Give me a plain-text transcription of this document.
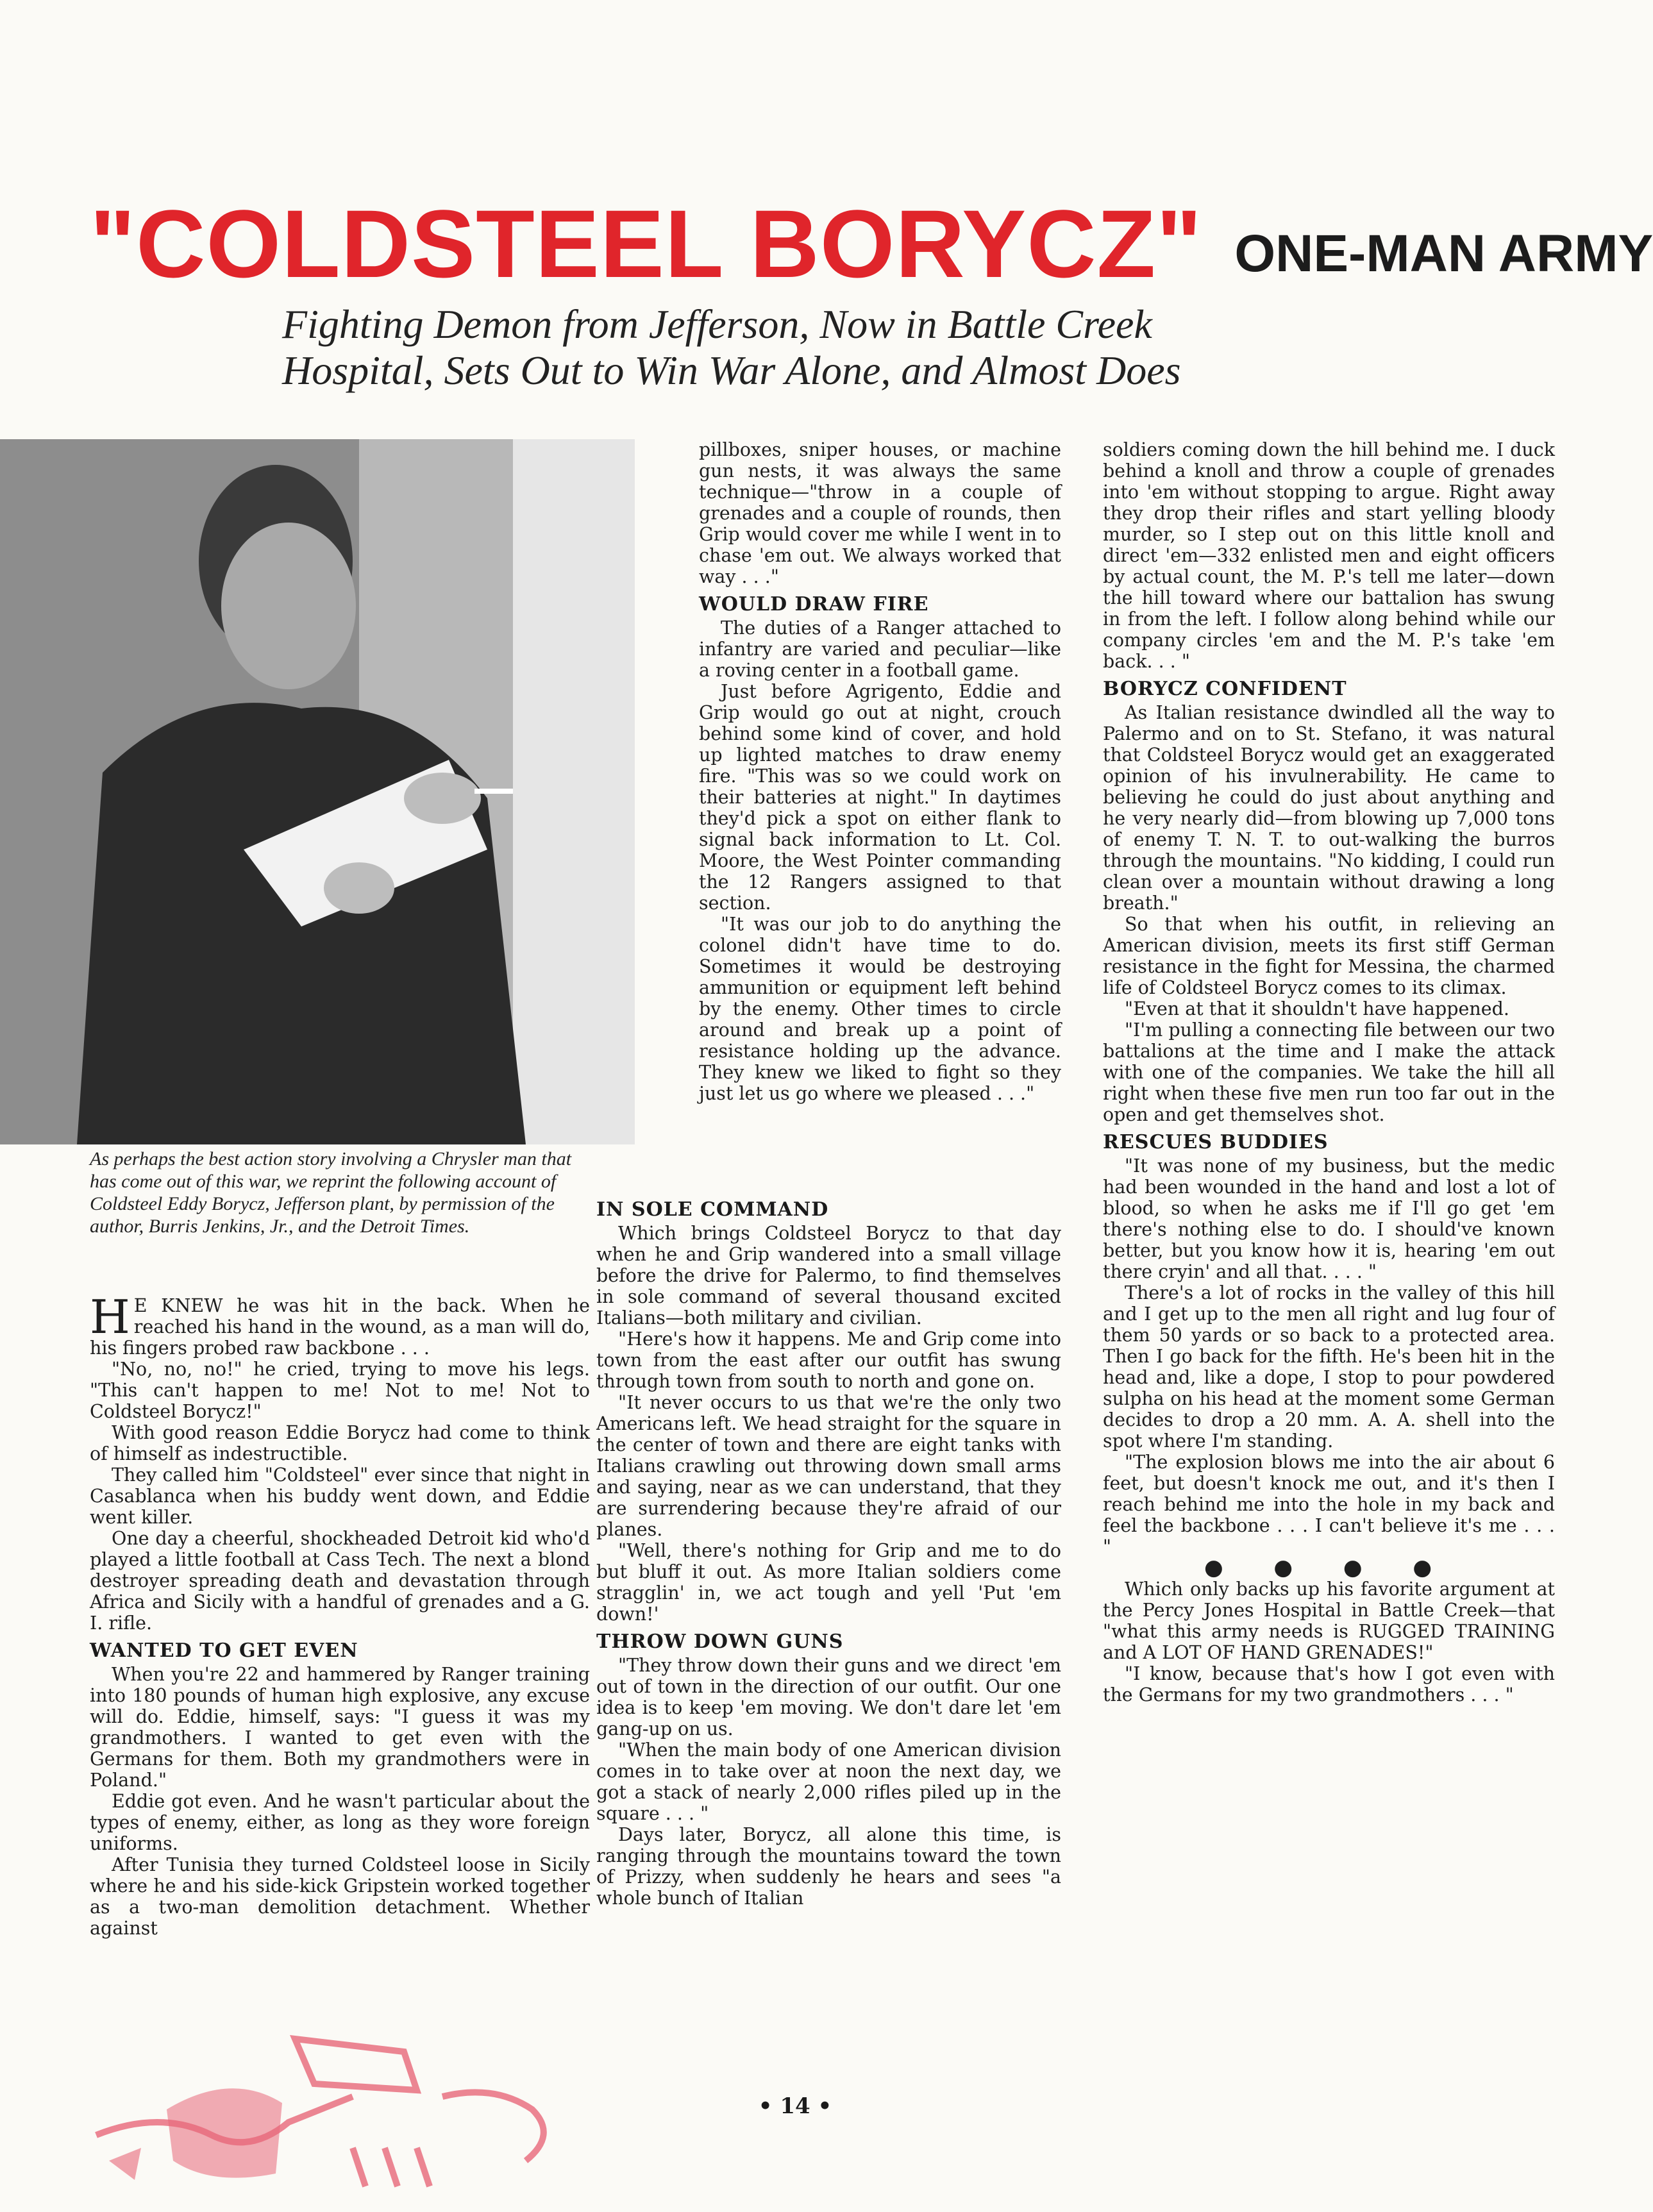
"COLDSTEEL BORYCZ" ONE-MAN ARMY
Fighting Demon from Jefferson, Now in Battle Creek
Hospital, Sets Out to Win War Alone, and Almost Does
As perhaps the best action story involving a Chrysler man that has come out of this war, we reprint the following account of Coldsteel Eddy Borycz, Jefferson plant, by permission of the author, Burris Jenkins, Jr., and the Detroit Times.

H E KNEW he was hit in the back. When he reached his hand in the wound, as a man will do, his fingers probed raw backbone . . .

"No, no, no!" he cried, trying to move his legs. "This can't happen to me! Not to me! Not to Coldsteel Borycz!"

With good reason Eddie Borycz had come to think of himself as indestructible.

They called him "Coldsteel" ever since that night in Casablanca when his buddy went down, and Eddie went killer.

One day a cheerful, shockheaded Detroit kid who'd played a little football at Cass Tech. The next a blond destroyer spreading death and devastation through Africa and Sicily with a handful of grenades and a G. I. rifle.

WANTED TO GET EVEN

When you're 22 and hammered by Ranger training into 180 pounds of human high explosive, any excuse will do. Eddie, himself, says: "I guess it was my grandmothers. I wanted to get even with the Germans for them. Both my grandmothers were in Poland."

Eddie got even. And he wasn't particular about the types of enemy, either, as long as they wore foreign uniforms.

After Tunisia they turned Coldsteel loose in Sicily where he and his side-kick Gripstein worked together as a two-man demolition detachment. Whether against

pillboxes, sniper houses, or machine gun nests, it was always the same technique—"throw in a couple of grenades and a couple of rounds, then Grip would cover me while I went in to chase 'em out. We always worked that way . . ."

WOULD DRAW FIRE

The duties of a Ranger attached to infantry are varied and peculiar—like a roving center in a football game.

Just before Agrigento, Eddie and Grip would go out at night, crouch behind some kind of cover, and hold up lighted matches to draw enemy fire. "This was so we could work on their batteries at night." In daytimes they'd pick a spot on either flank to signal back information to Lt. Col. Moore, the West Pointer commanding the 12 Rangers assigned to that section.

"It was our job to do anything the colonel didn't have time to do. Sometimes it would be destroying ammunition or equipment left behind by the enemy. Other times to circle around and break up a point of resistance holding up the advance. They knew we liked to fight so they just let us go where we pleased . . ."

IN SOLE COMMAND

Which brings Coldsteel Borycz to that day when he and Grip wandered into a small village before the drive for Palermo, to find themselves in sole command of several thousand excited Italians—both military and civilian.

"Here's how it happens. Me and Grip come into town from the east after our outfit has swung through town from south to north and gone on.

"It never occurs to us that we're the only two Americans left. We head straight for the square in the center of town and there are eight tanks with Italians crawling out throwing down small arms and saying, near as we can understand, that they are surrendering because they're afraid of our planes.

"Well, there's nothing for Grip and me to do but bluff it out. As more Italian soldiers come stragglin' in, we act tough and yell 'Put 'em down!'

THROW DOWN GUNS

"They throw down their guns and we direct 'em out of town in the direction of our outfit. Our one idea is to keep 'em moving. We don't dare let 'em gang-up on us.

"When the main body of one American division comes in to take over at noon the next day, we got a stack of nearly 2,000 rifles piled up in the square . . . "

Days later, Borycz, all alone this time, is ranging through the mountains toward the town of Prizzy, when suddenly he hears and sees "a whole bunch of Italian

soldiers coming down the hill behind me. I duck behind a knoll and throw a couple of grenades into 'em without stopping to argue. Right away they drop their rifles and start yelling bloody murder, so I step out on this little knoll and direct 'em—332 enlisted men and eight officers by actual count, the M. P.'s tell me later—down the hill toward where our battalion has swung in from the left. I follow along behind while our company circles 'em and the M. P.'s take 'em back. . . "

BORYCZ CONFIDENT

As Italian resistance dwindled all the way to Palermo and on to St. Stefano, it was natural that Coldsteel Borycz would get an exaggerated opinion of his invulnerability. He came to believing he could do just about anything and he very nearly did—from blowing up 7,000 tons of enemy T. N. T. to out-walking the burros through the mountains. "No kidding, I could run clean over a mountain without drawing a long breath."

So that when his outfit, in relieving an American division, meets its first stiff German resistance in the fight for Messina, the charmed life of Coldsteel Borycz comes to its climax.

"Even at that it shouldn't have happened.

"I'm pulling a connecting file between our two battalions at the time and I make the attack with one of the companies. We take the hill all right when these five men run too far out in the open and get themselves shot.

RESCUES BUDDIES

"It was none of my business, but the medic had been wounded in the hand and lost a lot of blood, so when he asks me if I'll go get 'em there's nothing else to do. I should've known better, but you know how it is, hearing 'em out there cryin' and all that. . . . "

There's a lot of rocks in the valley of this hill and I get up to the men all right and lug four of them 50 yards or so back to a protected area. Then I go back for the fifth. He's been hit in the head and, like a dope, I stop to pour powdered sulpha on his head at the moment some German decides to drop a 20 mm. A. A. shell into the spot where I'm standing.

"The explosion blows me into the air about 6 feet, but doesn't knock me out, and it's then I reach behind me into the hole in my back and feel the backbone . . . I can't believe it's me . . . "

● ● ● ●

Which only backs up his favorite argument at the Percy Jones Hospital in Battle Creek—that "what this army needs is RUGGED TRAINING and A LOT OF HAND GRENADES!"

"I know, because that's how I got even with the Germans for my two grandmothers . . . "

• 14 •
